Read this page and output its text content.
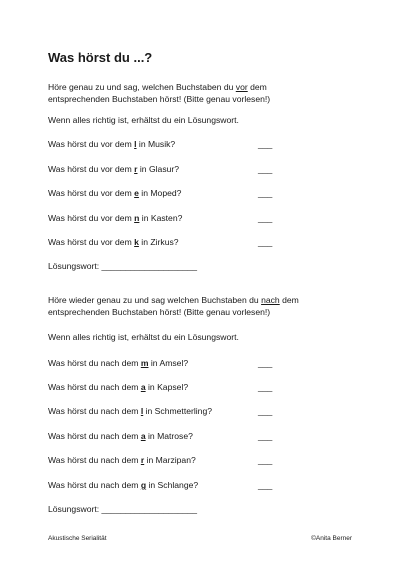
Was hörst du ...?
Höre genau zu und sag, welchen Buchstaben du vor dem
entsprechenden Buchstaben hörst! (Bitte genau vorlesen!)
Wenn alles richtig ist, erhältst du ein Lösungswort.
Was hörst du vor dem l in Musik?	___
Was hörst du vor dem r in Glasur?	___
Was hörst du vor dem e in Moped?	___
Was hörst du vor dem n in Kasten?	___
Was hörst du vor dem k in Zirkus?	___
Lösungswort: ____________________
Höre wieder genau zu und sag welchen Buchstaben du nach dem
entsprechenden Buchstaben hörst! (Bitte genau vorlesen!)
Wenn alles richtig ist, erhältst du ein Lösungswort.
Was hörst du nach dem m in Amsel?	___
Was hörst du nach dem a in Kapsel?	___
Was hörst du nach dem l in Schmetterling?	___
Was hörst du nach dem a in Matrose?	___
Was hörst du nach dem r in Marzipan?	___
Was hörst du nach dem g in Schlange?	___
Lösungswort: ____________________
Akustische Serialität	©Anita Berner
